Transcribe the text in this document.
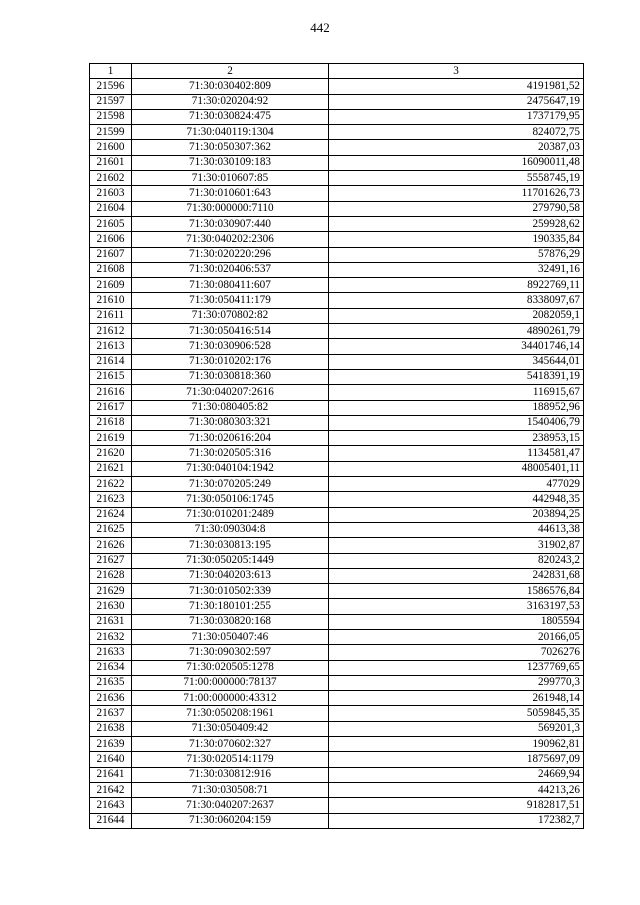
442
1	2	3
21596	71:30:030402:809	4191981,52
21597	71:30:020204:92	2475647,19
21598	71:30:030824:475	1737179,95
21599	71:30:040119:1304	824072,75
21600	71:30:050307:362	20387,03
21601	71:30:030109:183	16090011,48
21602	71:30:010607:85	5558745,19
21603	71:30:010601:643	11701626,73
21604	71:30:000000:7110	279790,58
21605	71:30:030907:440	259928,62
21606	71:30:040202:2306	190335,84
21607	71:30:020220:296	57876,29
21608	71:30:020406:537	32491,16
21609	71:30:080411:607	8922769,11
21610	71:30:050411:179	8338097,67
21611	71:30:070802:82	2082059,1
21612	71:30:050416:514	4890261,79
21613	71:30:030906:528	34401746,14
21614	71:30:010202:176	345644,01
21615	71:30:030818:360	5418391,19
21616	71:30:040207:2616	116915,67
21617	71:30:080405:82	188952,96
21618	71:30:080303:321	1540406,79
21619	71:30:020616:204	238953,15
21620	71:30:020505:316	1134581,47
21621	71:30:040104:1942	48005401,11
21622	71:30:070205:249	477029
21623	71:30:050106:1745	442948,35
21624	71:30:010201:2489	203894,25
21625	71:30:090304:8	44613,38
21626	71:30:030813:195	31902,87
21627	71:30:050205:1449	820243,2
21628	71:30:040203:613	242831,68
21629	71:30:010502:339	1586576,84
21630	71:30:180101:255	3163197,53
21631	71:30:030820:168	1805594
21632	71:30:050407:46	20166,05
21633	71:30:090302:597	7026276
21634	71:30:020505:1278	1237769,65
21635	71:00:000000:78137	299770,3
21636	71:00:000000:43312	261948,14
21637	71:30:050208:1961	5059845,35
21638	71:30:050409:42	569201,3
21639	71:30:070602:327	190962,81
21640	71:30:020514:1179	1875697,09
21641	71:30:030812:916	24669,94
21642	71:30:030508:71	44213,26
21643	71:30:040207:2637	9182817,51
21644	71:30:060204:159	172382,7
